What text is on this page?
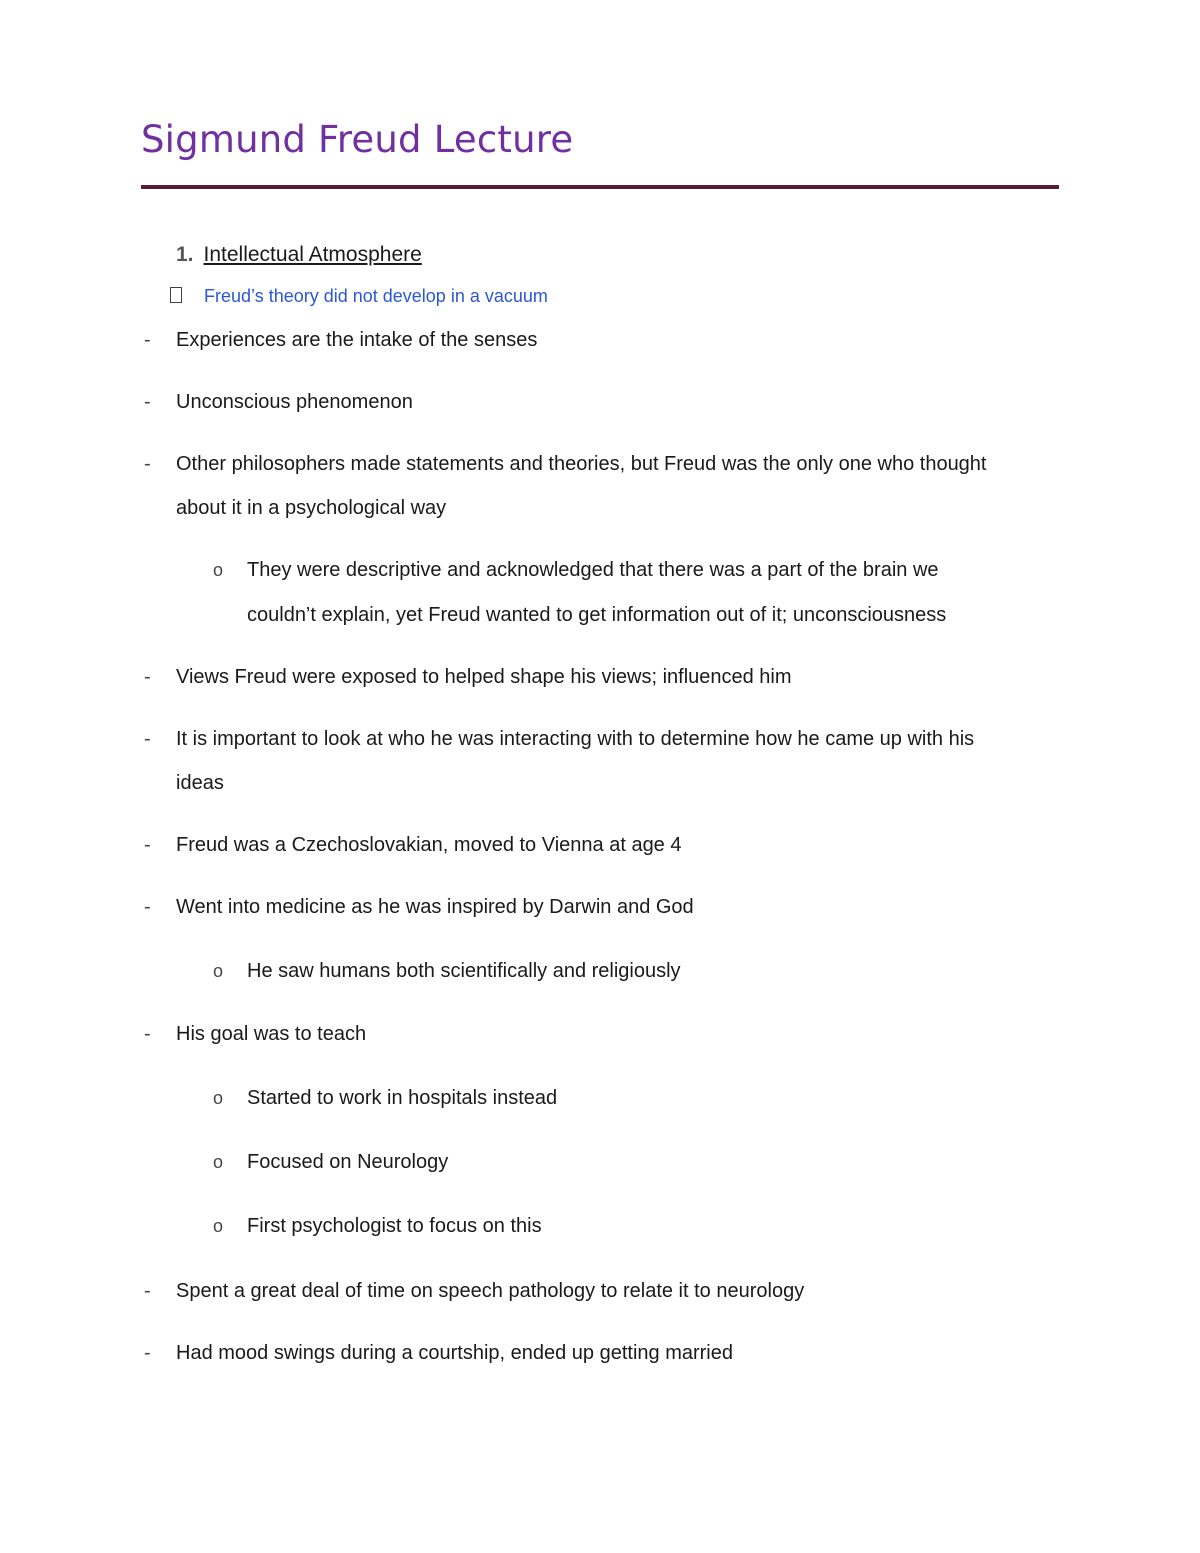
Sigmund Freud Lecture
1. Intellectual Atmosphere
Freud’s theory did not develop in a vacuum
- Experiences are the intake of the senses
- Unconscious phenomenon
- Other philosophers made statements and theories, but Freud was the only one who thought
about it in a psychological way
o They were descriptive and acknowledged that there was a part of the brain we
couldn’t explain, yet Freud wanted to get information out of it; unconsciousness
- Views Freud were exposed to helped shape his views; influenced him
- It is important to look at who he was interacting with to determine how he came up with his
ideas
- Freud was a Czechoslovakian, moved to Vienna at age 4
- Went into medicine as he was inspired by Darwin and God
o He saw humans both scientifically and religiously
- His goal was to teach
o Started to work in hospitals instead
o Focused on Neurology
o First psychologist to focus on this
- Spent a great deal of time on speech pathology to relate it to neurology
- Had mood swings during a courtship, ended up getting married
